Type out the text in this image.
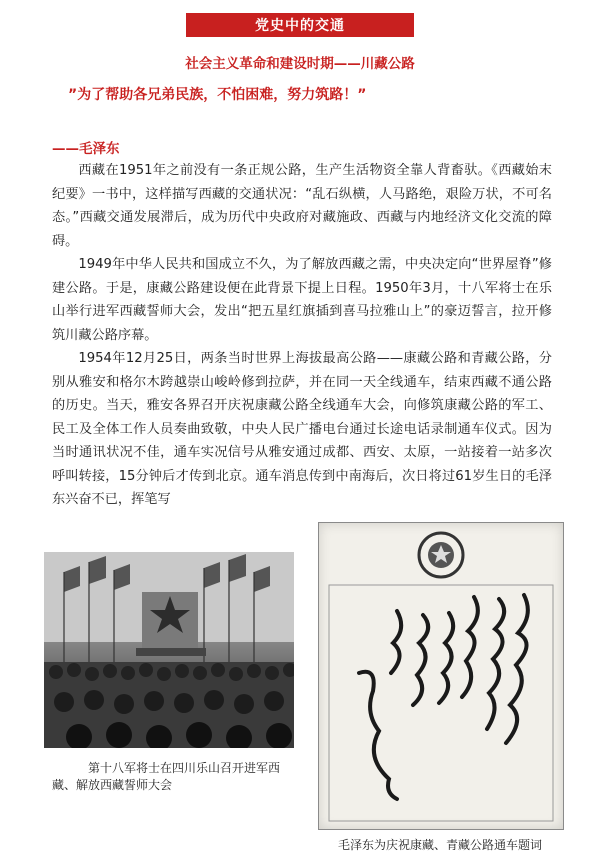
党史中的交通
社会主义革命和建设时期——川藏公路
”为了帮助各兄弟民族，不怕困难，努力筑路！”
——毛泽东

西藏在1951年之前没有一条正规公路，生产生活物资全靠人背畜驮。《西藏始末纪要》一书中，这样描写西藏的交通状况：“乱石纵横，人马路绝，艰险万状，不可名态。”西藏交通发展滞后，成为历代中央政府对藏施政、西藏与内地经济文化交流的障碍。

1949年中华人民共和国成立不久，为了解放西藏之需，中央决定向“世界屋脊”修建公路。于是，康藏公路建设便在此背景下提上日程。1950年3月，十八军将士在乐山举行进军西藏誓师大会，发出“把五星红旗插到喜马拉雅山上”的豪迈誓言，拉开修筑川藏公路序幕。

1954年12月25日，两条当时世界上海拔最高公路——康藏公路和青藏公路，分别从雅安和格尔木跨越崇山峻岭修到拉萨，并在同一天全线通车，结束西藏不通公路的历史。当天，雅安各界召开庆祝康藏公路全线通车大会，向修筑康藏公路的军工、民工及全体工作人员奏曲致敬，中央人民广播电台通过长途电话录制通车仪式。因为当时通讯状况不佳，通车实况信号从雅安通过成都、西安、太原，一站接着一站多次呼叫转接，15分钟后才传到北京。通车消息传到中南海后，次日将过61岁生日的毛泽东兴奋不已，挥笔写

第十八军将士在四川乐山召开进军西
藏、解放西藏誓师大会
毛泽东为庆祝康藏、青藏公路通车题词
